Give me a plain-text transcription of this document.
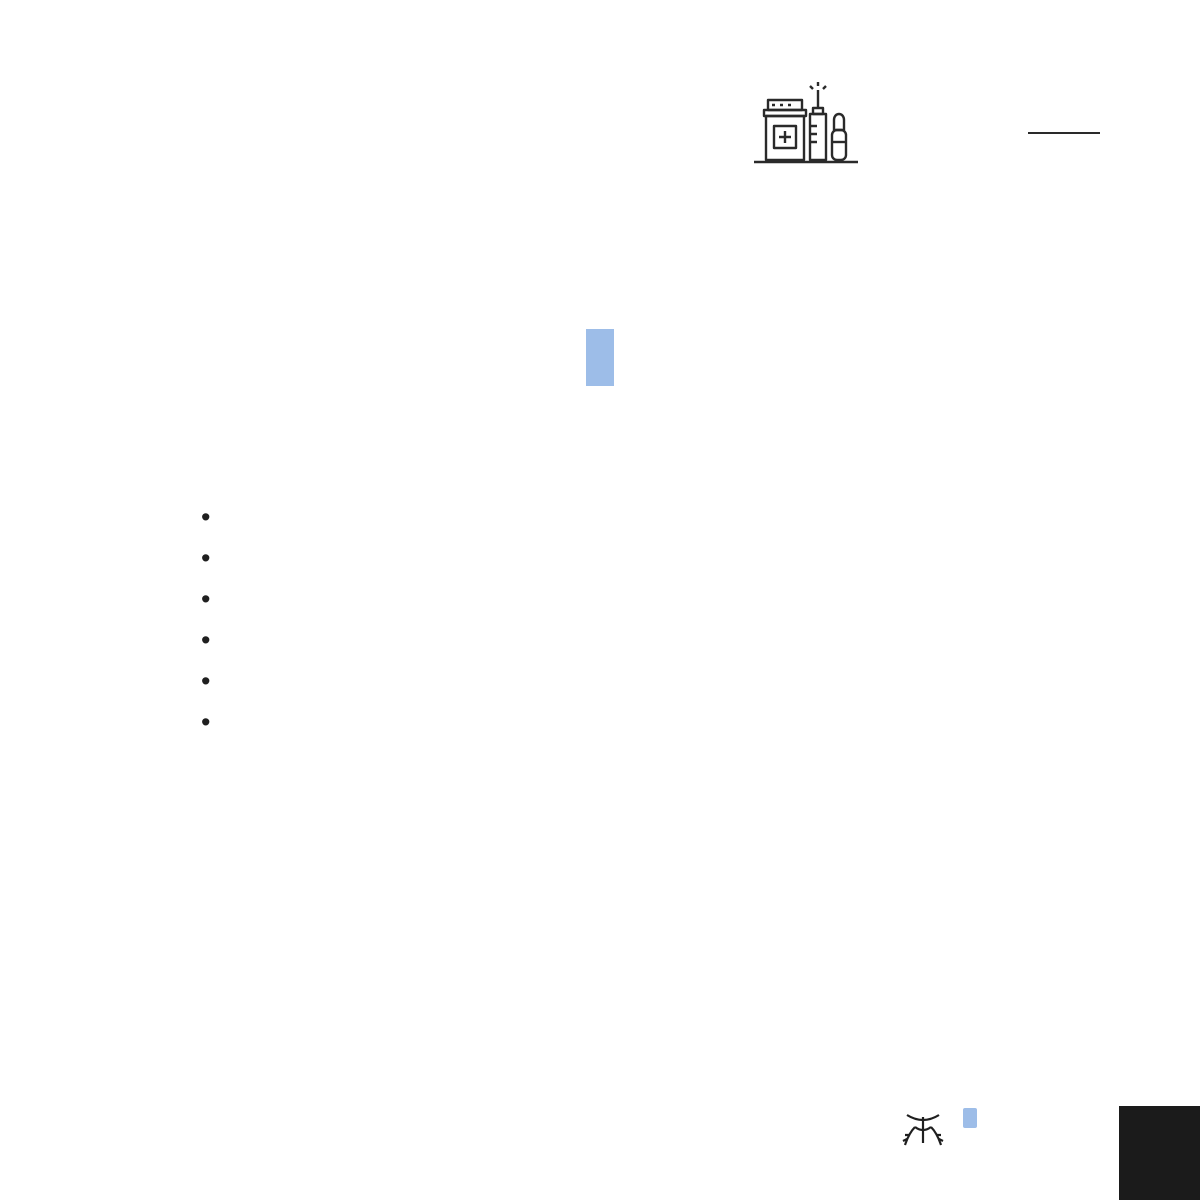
•
•
•
•
•
•
